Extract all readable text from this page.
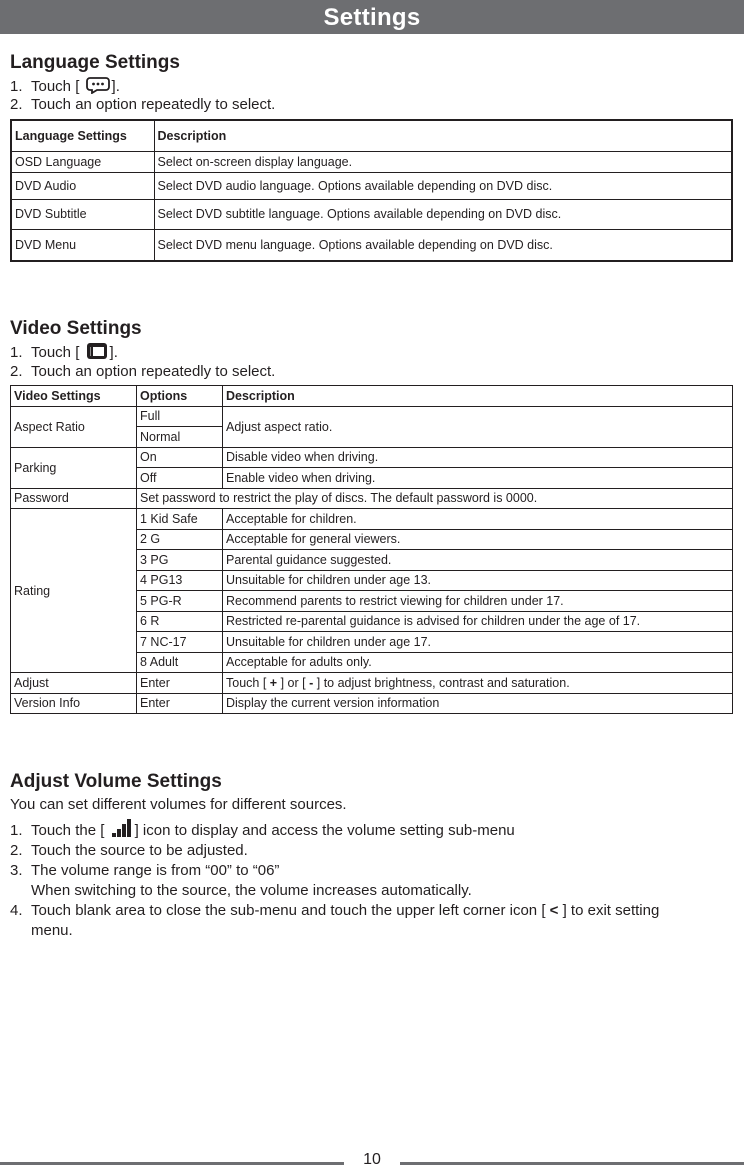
Settings
Language Settings
1. Touch [ ].
2. Touch an option repeatedly to select.
Language Settings	Description
OSD Language	Select on-screen display language.
DVD Audio	Select DVD audio language. Options available depending on DVD disc.
DVD Subtitle	Select DVD subtitle language. Options available depending on DVD disc.
DVD Menu	Select DVD menu language. Options available depending on DVD disc.
Video Settings
1. Touch [ ].
2. Touch an option repeatedly to select.
Video Settings	Options	Description
Aspect Ratio	Full	Adjust aspect ratio.
	Normal	
Parking	On	Disable video when driving.
	Off	Enable video when driving.
Password	Set password to restrict the play of discs. The default password is 0000.	
Rating	1 Kid Safe	Acceptable for children.
	2 G	Acceptable for general viewers.
	3 PG	Parental guidance suggested.
	4 PG13	Unsuitable for children under age 13.
	5 PG-R	Recommend parents to restrict viewing for children under 17.
	6 R	Restricted re-parental guidance is advised for children under the age of 17.
	7 NC-17	Unsuitable for children under age 17.
	8 Adult	Acceptable for adults only.
Adjust	Enter	Touch [ + ] or [ - ] to adjust brightness, contrast and saturation.
Version Info	Enter	Display the current version information
Adjust Volume Settings
You can set different volumes for different sources.
1. Touch the [ ] icon to display and access the volume setting sub-menu
2. Touch the source to be adjusted.
3. The volume range is from “00” to “06”
When switching to the source, the volume increases automatically.
4. Touch blank area to close the sub-menu and touch the upper left corner icon [ < ] to exit setting
menu.
10
